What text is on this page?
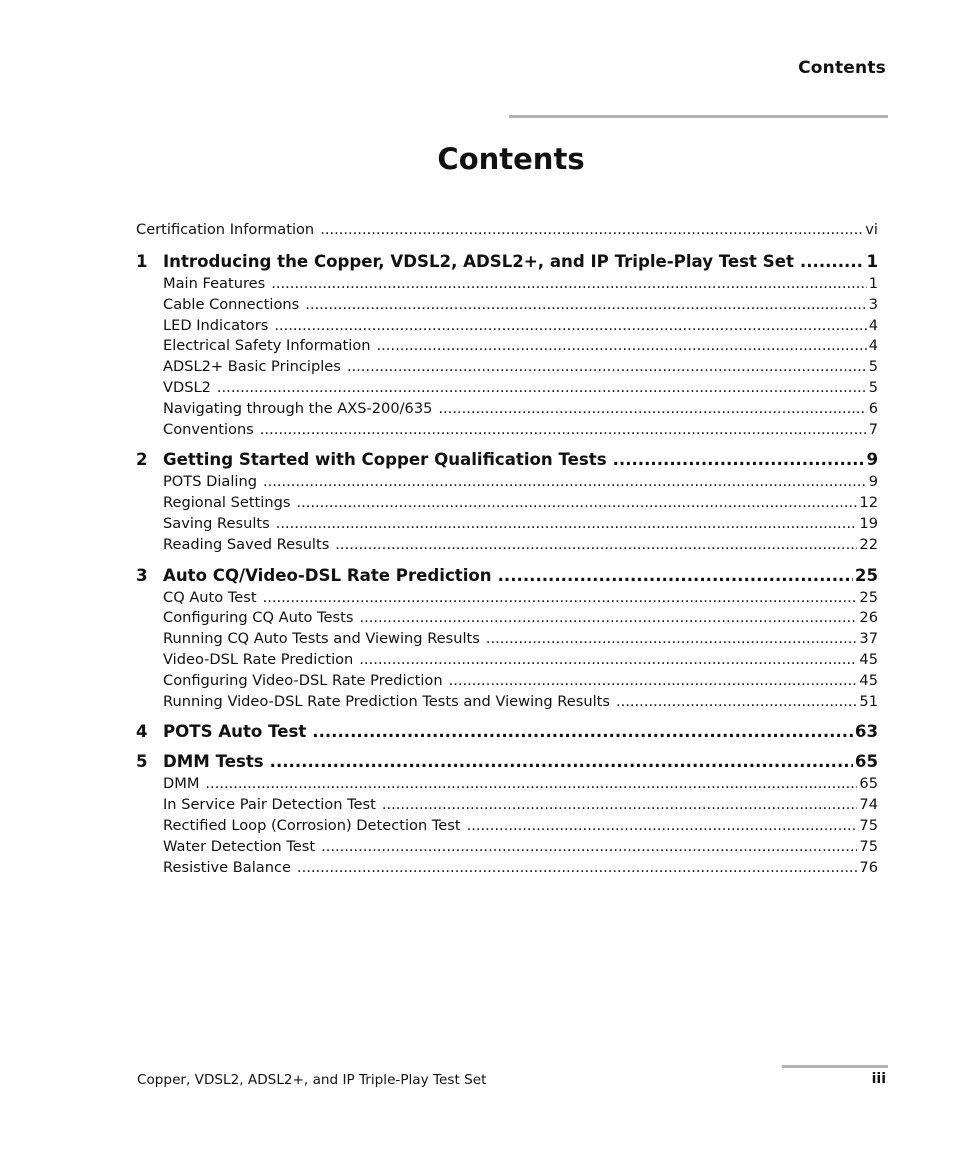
Contents
Contents
Certification Information .....	vi
1 Introducing the Copper, VDSL2, ADSL2+, and IP Triple-Play Test Set .....	1
Main Features .....	1
Cable Connections .....	3
LED Indicators .....	4
Electrical Safety Information .....	4
ADSL2+ Basic Principles .....	5
VDSL2 .....	5
Navigating through the AXS-200/635 .....	6
Conventions .....	7
2 Getting Started with Copper Qualification Tests .....	9
POTS Dialing .....	9
Regional Settings .....	12
Saving Results .....	19
Reading Saved Results .....	22
3 Auto CQ/Video-DSL Rate Prediction .....	25
CQ Auto Test .....	25
Configuring CQ Auto Tests .....	26
Running CQ Auto Tests and Viewing Results .....	37
Video-DSL Rate Prediction .....	45
Configuring Video-DSL Rate Prediction .....	45
Running Video-DSL Rate Prediction Tests and Viewing Results .....	51
4 POTS Auto Test .....	63
5 DMM Tests .....	65
DMM .....	65
In Service Pair Detection Test .....	74
Rectified Loop (Corrosion) Detection Test .....	75
Water Detection Test .....	75
Resistive Balance .....	76
Copper, VDSL2, ADSL2+, and IP Triple-Play Test Set	iii
